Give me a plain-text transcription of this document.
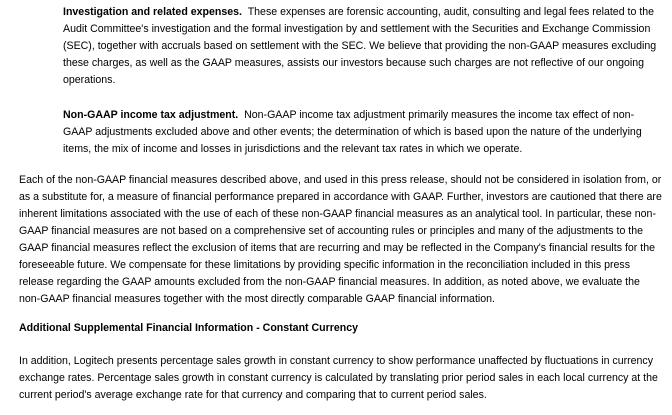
Investigation and related expenses. These expenses are forensic accounting, audit, consulting and legal fees related to the Audit Committee's investigation and the formal investigation by and settlement with the Securities and Exchange Commission (SEC), together with accruals based on settlement with the SEC. We believe that providing the non-GAAP measures excluding these charges, as well as the GAAP measures, assists our investors because such charges are not reflective of our ongoing operations.

Non-GAAP income tax adjustment. Non-GAAP income tax adjustment primarily measures the income tax effect of non-GAAP adjustments excluded above and other events; the determination of which is based upon the nature of the underlying items, the mix of income and losses in jurisdictions and the relevant tax rates in which we operate.

Each of the non-GAAP financial measures described above, and used in this press release, should not be considered in isolation from, or as a substitute for, a measure of financial performance prepared in accordance with GAAP. Further, investors are cautioned that there are inherent limitations associated with the use of each of these non-GAAP financial measures as an analytical tool. In particular, these non-GAAP financial measures are not based on a comprehensive set of accounting rules or principles and many of the adjustments to the GAAP financial measures reflect the exclusion of items that are recurring and may be reflected in the Company's financial results for the foreseeable future. We compensate for these limitations by providing specific information in the reconciliation included in this press release regarding the GAAP amounts excluded from the non-GAAP financial measures. In addition, as noted above, we evaluate the non-GAAP financial measures together with the most directly comparable GAAP financial information.

Additional Supplemental Financial Information - Constant Currency

In addition, Logitech presents percentage sales growth in constant currency to show performance unaffected by fluctuations in currency exchange rates. Percentage sales growth in constant currency is calculated by translating prior period sales in each local currency at the current period's average exchange rate for that currency and comparing that to current period sales.
